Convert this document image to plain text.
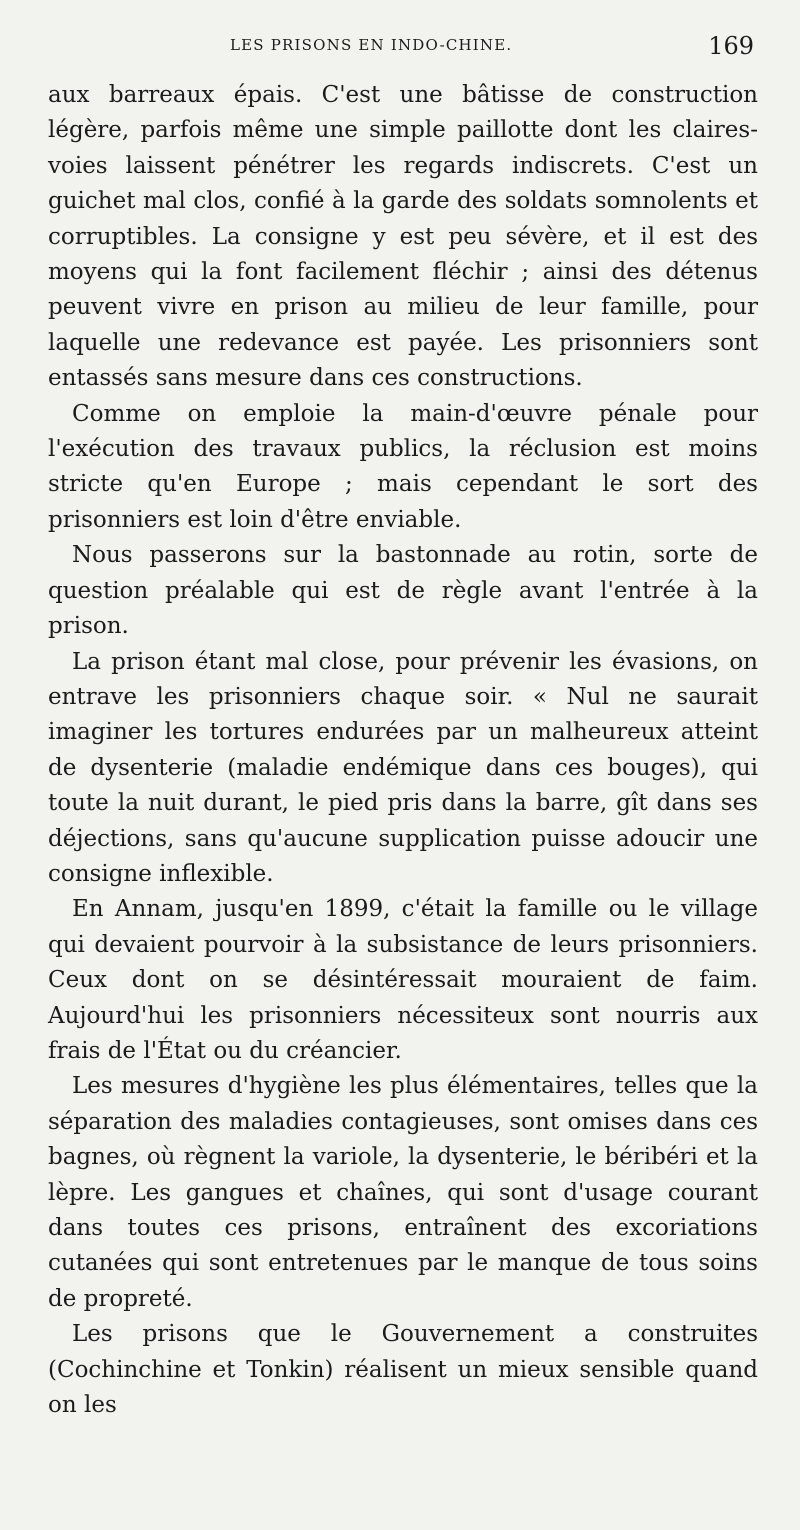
LES PRISONS EN INDO-CHINE.	169

aux barreaux épais. C'est une bâtisse de construction légère, parfois même une simple paillotte dont les claires-voies laissent pénétrer les regards indiscrets. C'est un guichet mal clos, confié à la garde des soldats somnolents et corruptibles. La consigne y est peu sévère, et il est des moyens qui la font facilement fléchir ; ainsi des détenus peuvent vivre en prison au milieu de leur famille, pour laquelle une redevance est payée. Les prisonniers sont entassés sans mesure dans ces constructions.

Comme on emploie la main-d'œuvre pénale pour l'exécution des travaux publics, la réclusion est moins stricte qu'en Europe ; mais cependant le sort des prisonniers est loin d'être enviable.

Nous passerons sur la bastonnade au rotin, sorte de question préalable qui est de règle avant l'entrée à la prison.

La prison étant mal close, pour prévenir les évasions, on entrave les prisonniers chaque soir. « Nul ne saurait imaginer les tortures endurées par un malheureux atteint de dysenterie (maladie endémique dans ces bouges), qui toute la nuit durant, le pied pris dans la barre, gît dans ses déjections, sans qu'aucune supplication puisse adoucir une consigne inflexible.

En Annam, jusqu'en 1899, c'était la famille ou le village qui devaient pourvoir à la subsistance de leurs prisonniers. Ceux dont on se désintéressait mouraient de faim. Aujourd'hui les prisonniers nécessiteux sont nourris aux frais de l'État ou du créancier.

Les mesures d'hygiène les plus élémentaires, telles que la séparation des maladies contagieuses, sont omises dans ces bagnes, où règnent la variole, la dysenterie, le béribéri et la lèpre. Les gangues et chaînes, qui sont d'usage courant dans toutes ces prisons, entraînent des excoriations cutanées qui sont entretenues par le manque de tous soins de propreté.

Les prisons que le Gouvernement a construites (Cochinchine et Tonkin) réalisent un mieux sensible quand on les
